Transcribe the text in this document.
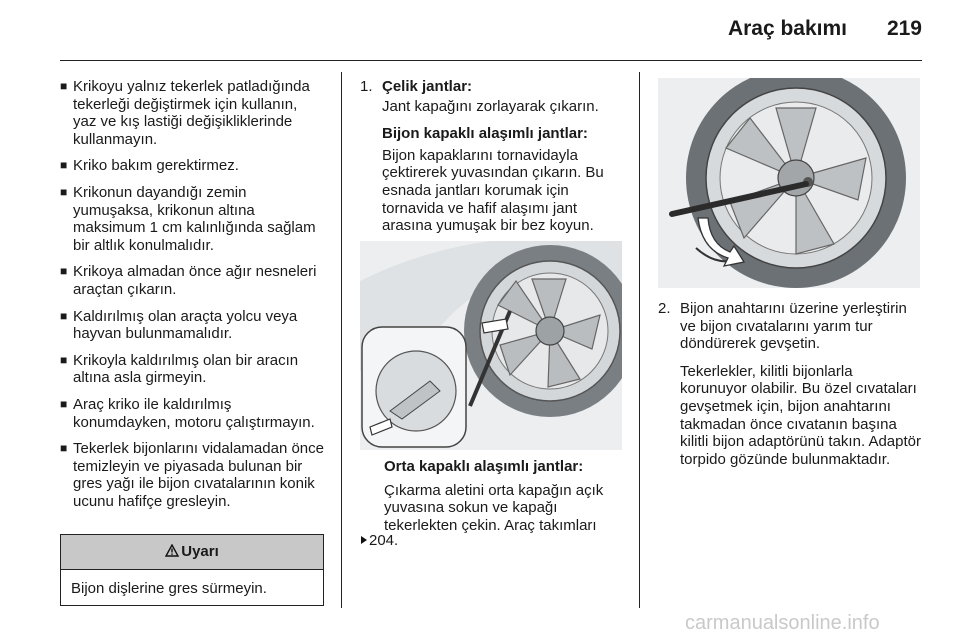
Araç bakımı 219
■ Krikoyu yalnız tekerlek patladığında tekerleği değiştirmek için kullanın, yaz ve kış lastiği değişikliklerinde kullanmayın.
■ Kriko bakım gerektirmez.
■ Krikonun dayandığı zemin yumuşaksa, krikonun altına maksimum 1 cm kalınlığında sağlam bir altlık konulmalıdır.
■ Krikoya almadan önce ağır nesneleri araçtan çıkarın.
■ Kaldırılmış olan araçta yolcu veya hayvan bulunmamalıdır.
■ Krikoyla kaldırılmış olan bir aracın altına asla girmeyin.
■ Araç kriko ile kaldırılmış konumdayken, motoru çalıştırmayın.
■ Tekerlek bijonlarını vidalamadan önce temizleyin ve piyasada bulunan bir gres yağı ile bijon cıvatalarının konik ucunu hafifçe gresleyin.
Uyarı
Bijon dişlerine gres sürmeyin.
1. Çelik jantlar:
Jant kapağını zorlayarak çıkarın.
Bijon kapaklı alaşımlı jantlar:
Bijon kapaklarını tornavidayla çektirerek yuvasından çıkarın. Bu esnada jantları korumak için tornavida ve hafif alaşımı jant arasına yumuşak bir bez koyun.
Orta kapaklı alaşımlı jantlar:
Çıkarma aletini orta kapağın açık yuvasına sokun ve kapağı tekerlekten çekin. Araç takımları
204.
2. Bijon anahtarını üzerine yerleştirin ve bijon cıvatalarını yarım tur döndürerek gevşetin.
Tekerlekler, kilitli bijonlarla korunuyor olabilir. Bu özel cıvataları gevşetmek için, bijon anahtarını takmadan önce cıvatanın başına kilitli bijon adaptörünü takın. Adaptör torpido gözünde bulunmaktadır.
carmanualsonline.info
